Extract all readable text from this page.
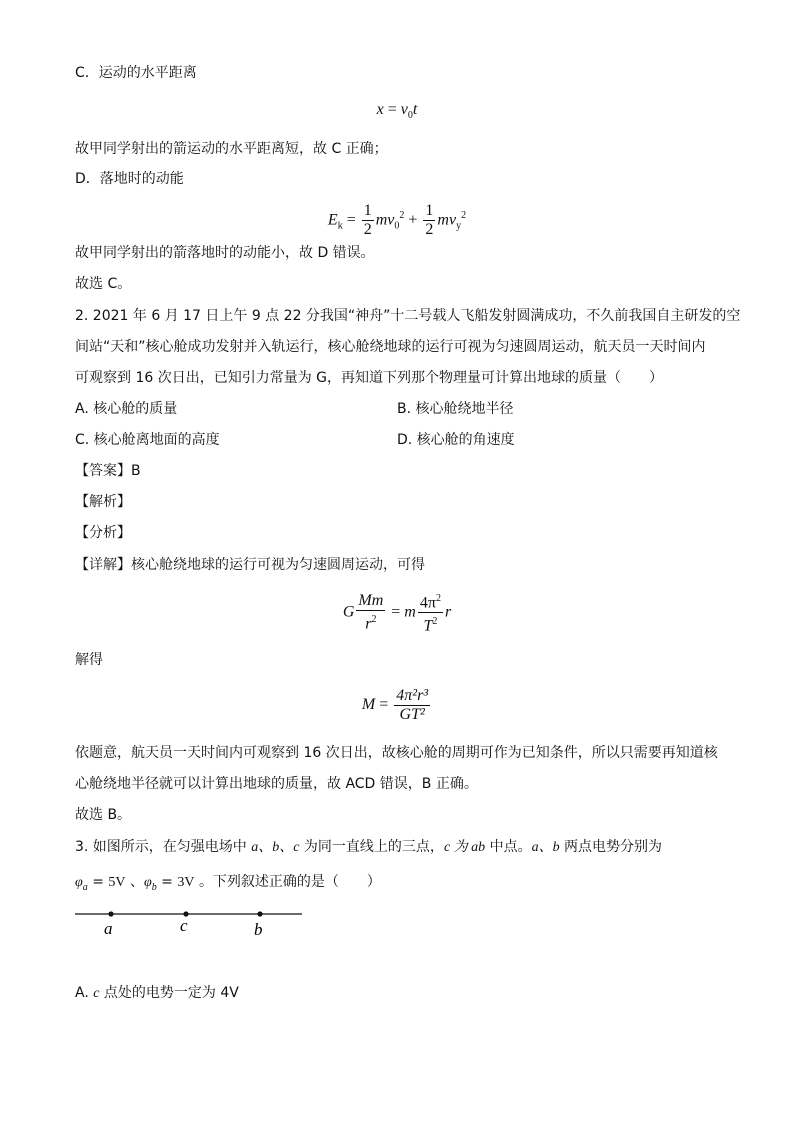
C．运动的水平距离
$x = v_0t$
故甲同学射出的箭运动的水平距离短，故 C 正确；
D．落地时的动能
$E_k = \frac{1}{2} mv_0^2 + \frac{1}{2} mv_y^2$
故甲同学射出的箭落地时的动能小，故 D 错误。
故选 C。
2. 2021 年 6 月 17 日上午 9 点 22 分我国“神舟”十二号载人飞船发射圆满成功，不久前我国自主研发的空
间站“天和”核心舱成功发射并入轨运行，核心舱绕地球的运行可视为匀速圆周运动，航天员一天时间内
可观察到 16 次日出，已知引力常量为 G，再知道下列那个物理量可计算出地球的质量（　　）
A. 核心舱的质量	B. 核心舱绕地半径
C. 核心舱离地面的高度	D. 核心舱的角速度
【答案】B
【解析】
【分析】
【详解】核心舱绕地球的运行可视为匀速圆周运动，可得
G $\frac{Mm}{r^2} = m \frac{4\pi^2}{T^2}$ r
解得
$M = \frac{\text{4π²r³}}{\text{GT²}}$
依题意，航天员一天时间内可观察到 16 次日出，故核心舱的周期可作为已知条件，所以只需要再知道核
心舱绕地半径就可以计算出地球的质量，故 ACD 错误，B 正确。
故选 B。
3. 如图所示，在匀强电场中 a、b、c 为同一直线上的三点，c 为 ab 中点。a、b 两点电势分别为
$\varphi_a = 5V$ 、$\varphi_b = 3V$ 。下列叙述正确的是（　　）
a	c	b
A. c 点处的电势一定为 4V
